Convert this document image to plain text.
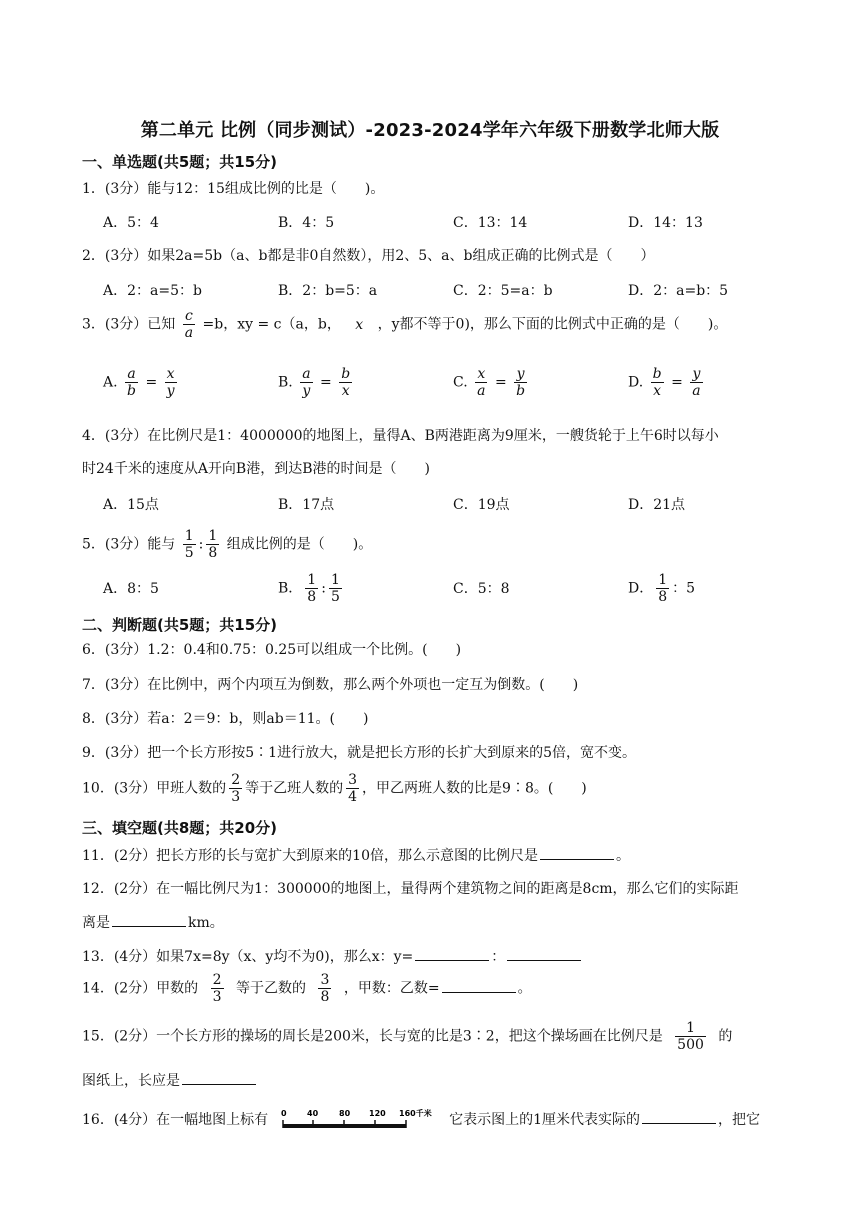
第二单元 比例（同步测试）-2023-2024学年六年级下册数学北师大版
一、单选题(共5题；共15分)
1．(3分）能与12：15组成比例的比是（　　)。
A．5：4	B．4：5	C．13：14	D．14：13
2．(3分）如果2a=5b（a、b都是非0自然数），用2、5、a、b组成正确的比例式是（　　）
A．2：a=5：b	B．2：b=5：a	C．2：5=a：b	D．2：a=b：5
3．(3分）已知 $\frac{c}{a} =b$，xy = c（a，b， x ，y都不等于0)，那么下面的比例式中正确的是（　　)。
A. $\frac{a}{b} = \frac{x}{y}$	B. $\frac{a}{y} = \frac{b}{x}$	C. $\frac{x}{a} = \frac{y}{b}$	D. $\frac{b}{x} = \frac{y}{a}$
4．(3分）在比例尺是1：4000000的地图上，量得A、B两港距离为9厘米，一艘货轮于上午6时以每小
时24千米的速度从A开向B港，到达B港的时间是（　　)
A．15点	B．17点	C．19点	D．21点
5．(3分）能与 $\frac{1}{5}$ : $\frac{1}{8}$ 组成比例的是（　　)。
A．8：5	B． $\frac{1}{8}$ : $\frac{1}{5}$	C．5：8	D． $\frac{1}{8}$ ：5
二、判断题(共5题；共15分)
6．(3分）1.2：0.4和0.75：0.25可以组成一个比例。(　　)
7．(3分）在比例中，两个内项互为倒数，那么两个外项也一定互为倒数。(　　)
8．(3分）若a：2＝9：b，则ab＝11。(　　)
9．(3分）把一个长方形按5∶1进行放大，就是把长方形的长扩大到原来的5倍，宽不变。
10．(3分）甲班人数的 $\frac{2}{3}$ 等于乙班人数的 $\frac{3}{4}$ ，甲乙两班人数的比是9∶8。(　　)
三、填空题(共8题；共20分)
11．(2分）把长方形的长与宽扩大到原来的10倍，那么示意图的比例尺是	。
12．(2分）在一幅比例尺为1：300000的地图上，量得两个建筑物之间的距离是8cm，那么它们的实际距
离是	km。
13．(4分）如果7x=8y（x、y均不为0)，那么x：y=	：
14．(2分）甲数的 $\frac{2}{3}$ 等于乙数的 $\frac{3}{8}$ ，甲数：乙数=	。
15．(2分）一个长方形的操场的周长是200米，长与宽的比是3∶2，把这个操场画在比例尺是 $\frac{1}{500}$ 的
图纸上，长应是
16．(4分）在一幅地图上标有 0	40	80 120 160千米 它表示图上的1厘米代表实际的	，把它
